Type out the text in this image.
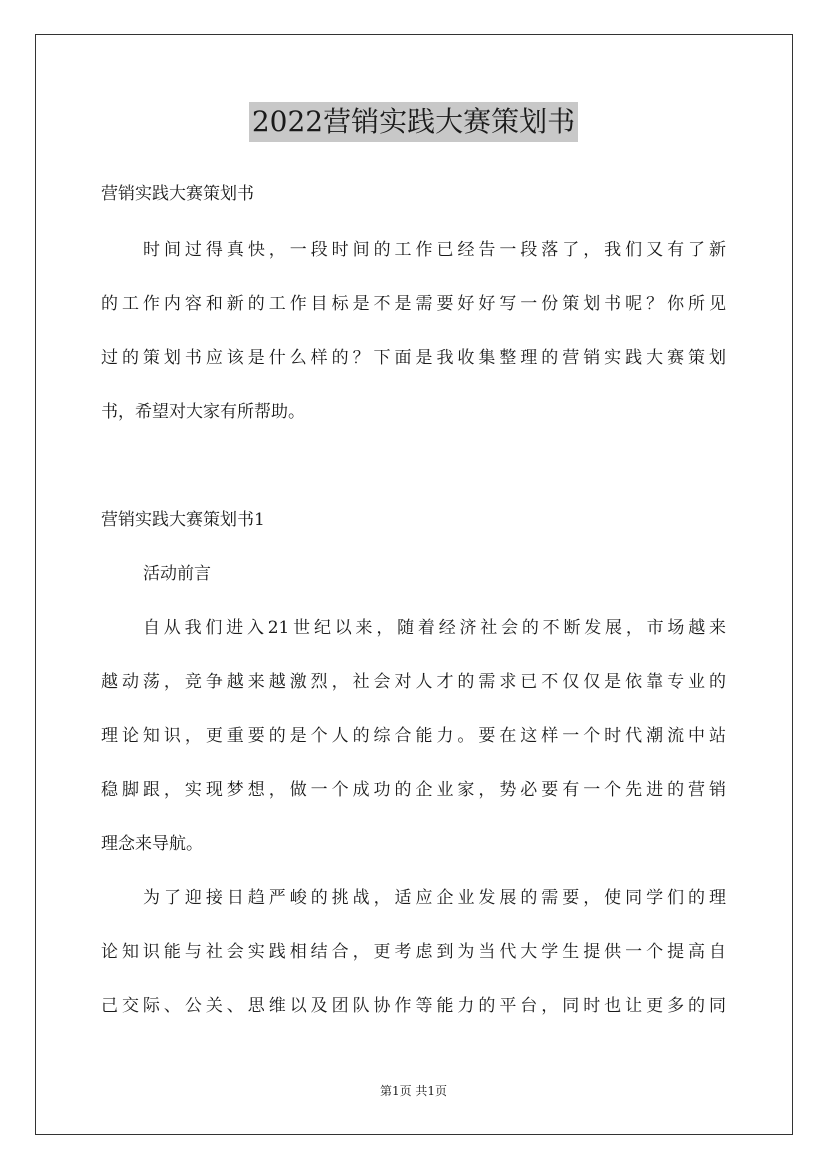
2022营销实践大赛策划书
营销实践大赛策划书
时间过得真快，一段时间的工作已经告一段落了，我们又有了新
的工作内容和新的工作目标是不是需要好好写一份策划书呢？你所见
过的策划书应该是什么样的？下面是我收集整理的营销实践大赛策划
书，希望对大家有所帮助。
营销实践大赛策划书1
活动前言
自从我们进入21世纪以来，随着经济社会的不断发展，市场越来
越动荡，竞争越来越激烈，社会对人才的需求已不仅仅是依靠专业的
理论知识，更重要的是个人的综合能力。要在这样一个时代潮流中站
稳脚跟，实现梦想，做一个成功的企业家，势必要有一个先进的营销
理念来导航。
为了迎接日趋严峻的挑战，适应企业发展的需要，使同学们的理
论知识能与社会实践相结合，更考虑到为当代大学生提供一个提高自
己交际、公关、思维以及团队协作等能力的平台，同时也让更多的同
第1页 共1页
